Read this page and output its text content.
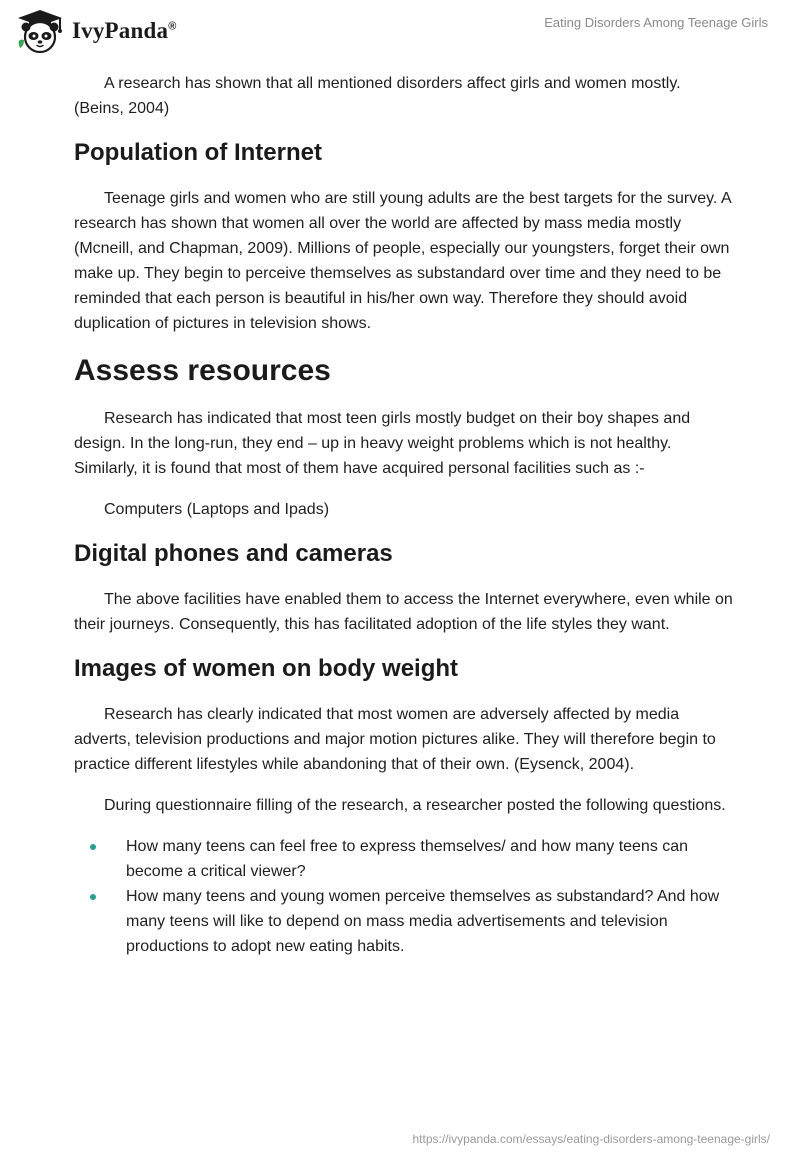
IvyPanda®	Eating Disorders Among Teenage Girls

A research has shown that all mentioned disorders affect girls and women mostly. (Beins, 2004)

Population of Internet

Teenage girls and women who are still young adults are the best targets for the survey. A research has shown that women all over the world are affected by mass media mostly (Mcneill, and Chapman, 2009). Millions of people, especially our youngsters, forget their own make up. They begin to perceive themselves as substandard over time and they need to be reminded that each person is beautiful in his/her own way. Therefore they should avoid duplication of pictures in television shows.

Assess resources

Research has indicated that most teen girls mostly budget on their boy shapes and design. In the long-run, they end – up in heavy weight problems which is not healthy. Similarly, it is found that most of them have acquired personal facilities such as :-

Computers (Laptops and Ipads)

Digital phones and cameras

The above facilities have enabled them to access the Internet everywhere, even while on their journeys. Consequently, this has facilitated adoption of the life styles they want.

Images of women on body weight

Research has clearly indicated that most women are adversely affected by media adverts, television productions and major motion pictures alike. They will therefore begin to practice different lifestyles while abandoning that of their own. (Eysenck, 2004).

During questionnaire filling of the research, a researcher posted the following questions.

How many teens can feel free to express themselves/ and how many teens can become a critical viewer?
How many teens and young women perceive themselves as substandard? And how many teens will like to depend on mass media advertisements and television productions to adopt new eating habits.
https://ivypanda.com/essays/eating-disorders-among-teenage-girls/
